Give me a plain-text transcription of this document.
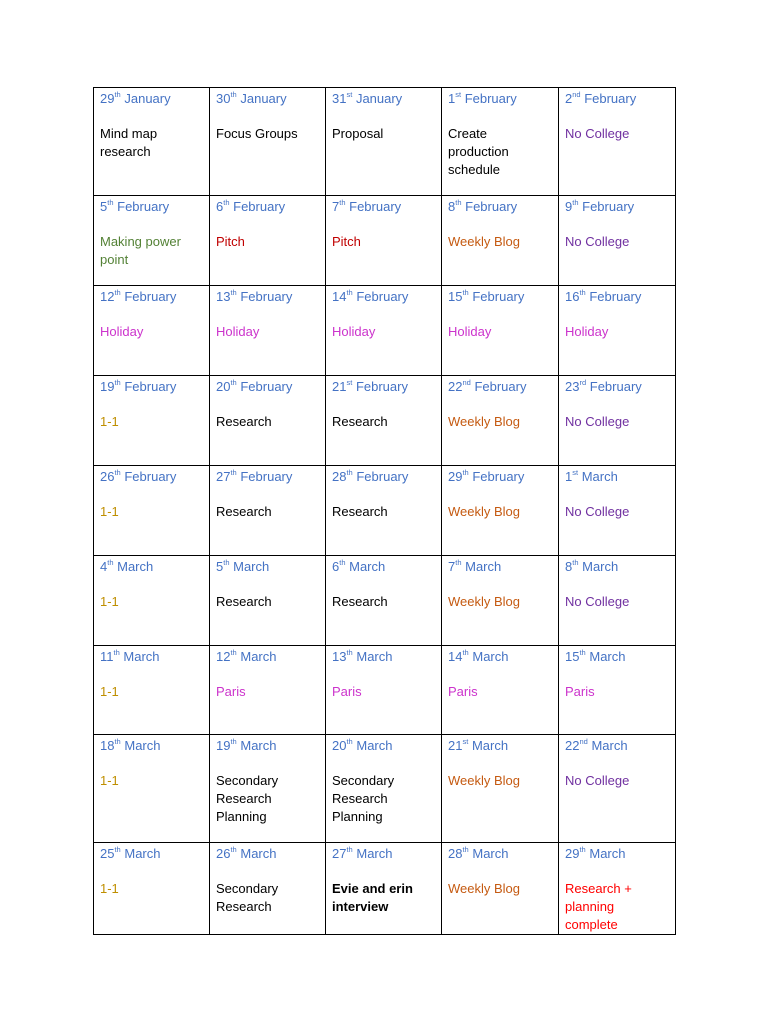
29th January
Mind map
research	30th January
Focus Groups	31st January
Proposal	1st February
Create
production
schedule	2nd February
No College

5th February
Making power
point	6th February
Pitch	7th February
Pitch	8th February
Weekly Blog	9th February
No College

12th February
Holiday	13th February
Holiday	14th February
Holiday	15th February
Holiday	16th February
Holiday

19th February
1-1	20th February
Research	21st February
Research	22nd February
Weekly Blog	23rd February
No College

26th February
1-1	27th February
Research	28th February
Research	29th February
Weekly Blog	1st March
No College

4th March
1-1	5th March
Research	6th March
Research	7th March
Weekly Blog	8th March
No College

11th March
1-1	12th March
Paris	13th March
Paris	14th March
Paris	15th March
Paris

18th March
1-1	19th March
Secondary
Research
Planning	20th March
Secondary
Research
Planning	21st March
Weekly Blog	22nd March
No College

25th March
1-1	26th March
Secondary
Research	27th March
Evie and erin
interview	28th March
Weekly Blog	29th March
Research +
planning
complete
